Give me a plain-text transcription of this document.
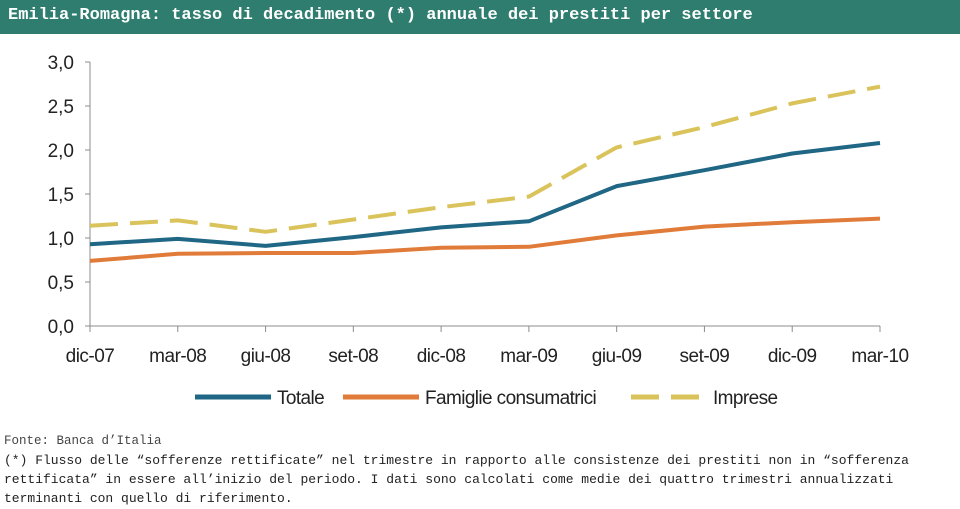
Emilia-Romagna: tasso di decadimento (*) annuale dei prestiti per settore
0,0
0,5
1,0
1,5
2,0
2,5
3,0
dic-07 mar-08 giu-08 set-08 dic-08 mar-09 giu-09 set-09 dic-09 mar-10
Totale	Famiglie consumatrici	Imprese
Fonte: Banca d’Italia

(*) Flusso delle “sofferenze rettificate” nel trimestre in rapporto alle consistenze dei prestiti non in “sofferenza rettificata” in essere all’inizio del periodo. I dati sono calcolati come medie dei quattro trimestri annualizzati terminanti con quello di riferimento.
